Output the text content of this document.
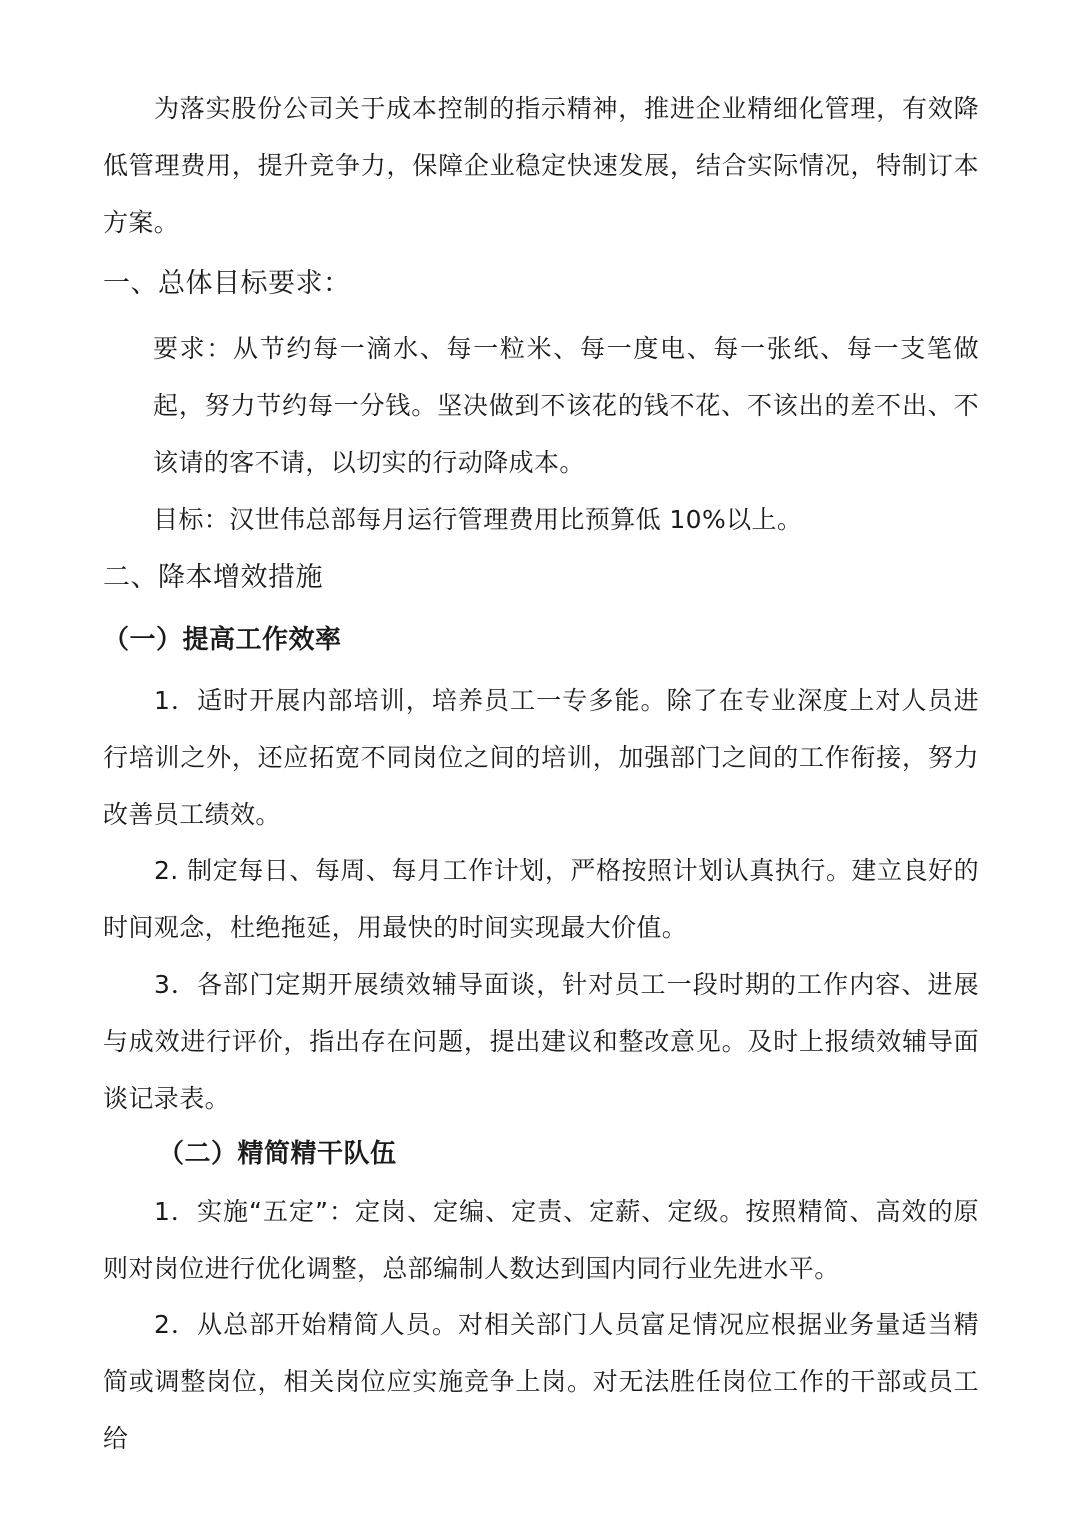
为落实股份公司关于成本控制的指示精神，推进企业精细化管理，有效降低管理费用，提升竞争力，保障企业稳定快速发展，结合实际情况，特制订本方案。
一、总体目标要求：
要求：从节约每一滴水、每一粒米、每一度电、每一张纸、每一支笔做起，努力节约每一分钱。坚决做到不该花的钱不花、不该出的差不出、不该请的客不请，以切实的行动降成本。
目标：汉世伟总部每月运行管理费用比预算低 10%以上。
二、降本增效措施
（一）提高工作效率
1．适时开展内部培训，培养员工一专多能。除了在专业深度上对人员进行培训之外，还应拓宽不同岗位之间的培训，加强部门之间的工作衔接，努力改善员工绩效。
2. 制定每日、每周、每月工作计划，严格按照计划认真执行。建立良好的时间观念，杜绝拖延，用最快的时间实现最大价值。
3．各部门定期开展绩效辅导面谈，针对员工一段时期的工作内容、进展与成效进行评价，指出存在问题，提出建议和整改意见。及时上报绩效辅导面谈记录表。
（二）精简精干队伍
1．实施“五定”：定岗、定编、定责、定薪、定级。按照精简、高效的原则对岗位进行优化调整，总部编制人数达到国内同行业先进水平。
2．从总部开始精简人员。对相关部门人员富足情况应根据业务量适当精简或调整岗位，相关岗位应实施竞争上岗。对无法胜任岗位工作的干部或员工给
